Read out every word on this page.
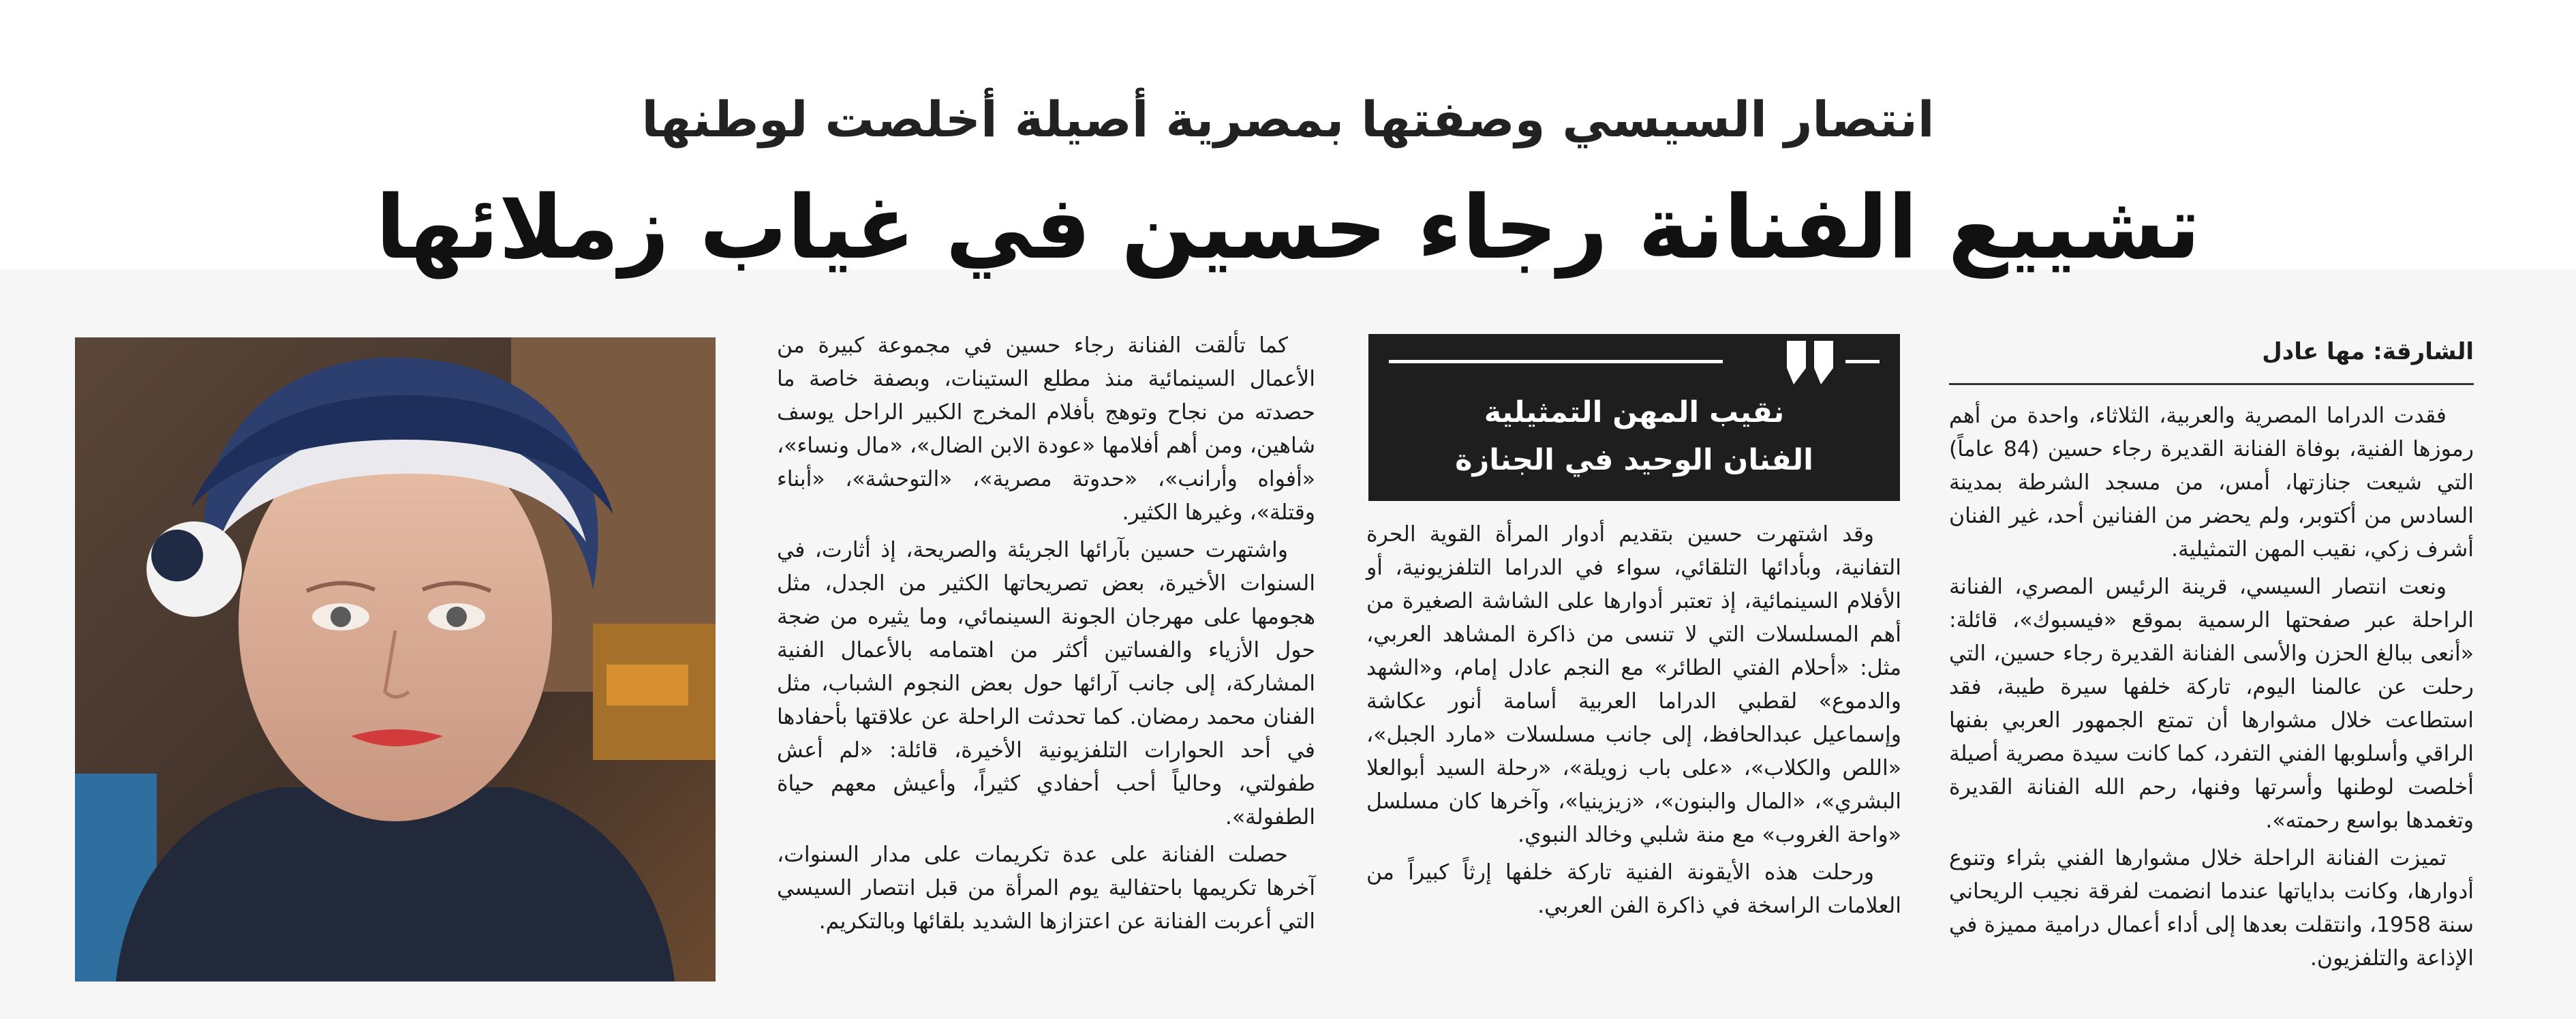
انتصار السيسي وصفتها بمصرية أصيلة أخلصت لوطنها
تشييع الفنانة رجاء حسين في غياب زملائها
الشارقة: مها عادل

فقدت الدراما المصرية والعربية، الثلاثاء، واحدة من أهم رموزها الفنية، بوفاة الفنانة القديرة رجاء حسين (84 عاماً) التي شيعت جنازتها، أمس، من مسجد الشرطة بمدينة السادس من أكتوبر، ولم يحضر من الفنانين أحد، غير الفنان أشرف زكي، نقيب المهن التمثيلية.

ونعت انتصار السيسي، قرينة الرئيس المصري، الفنانة الراحلة عبر صفحتها الرسمية بموقع «فيسبوك»، قائلة: «أنعى ببالغ الحزن والأسى الفنانة القديرة رجاء حسين، التي رحلت عن عالمنا اليوم، تاركة خلفها سيرة طيبة، فقد استطاعت خلال مشوارها أن تمتع الجمهور العربي بفنها الراقي وأسلوبها الفني التفرد، كما كانت سيدة مصرية أصيلة أخلصت لوطنها وأسرتها وفنها، رحم الله الفنانة القديرة وتغمدها بواسع رحمته».

تميزت الفنانة الراحلة خلال مشوارها الفني بثراء وتنوع أدوارها، وكانت بداياتها عندما انضمت لفرقة نجيب الريحاني سنة 1958، وانتقلت بعدها إلى أداء أعمال درامية مميزة في الإذاعة والتلفزيون.

نقيب المهن التمثيلية
الفنان الوحيد في الجنازة

وقد اشتهرت حسين بتقديم أدوار المرأة القوية الحرة التفانية، وبأدائها التلقائي، سواء في الدراما التلفزيونية، أو الأفلام السينمائية، إذ تعتبر أدوارها على الشاشة الصغيرة من أهم المسلسلات التي لا تنسى من ذاكرة المشاهد العربي، مثل: «أحلام الفتي الطائر» مع النجم عادل إمام، و«الشهد والدموع» لقطبي الدراما العربية أسامة أنور عكاشة وإسماعيل عبدالحافظ، إلى جانب مسلسلات «مارد الجبل»، «اللص والكلاب»، «على باب زويلة»، «رحلة السيد أبوالعلا البشري»، «المال والبنون»، «زيزينيا»، وآخرها كان مسلسل «واحة الغروب» مع منة شلبي وخالد النبوي.

ورحلت هذه الأيقونة الفنية تاركة خلفها إرثاً كبيراً من العلامات الراسخة في ذاكرة الفن العربي.

كما تألقت الفنانة رجاء حسين في مجموعة كبيرة من الأعمال السينمائية منذ مطلع الستينات، وبصفة خاصة ما حصدته من نجاح وتوهج بأفلام المخرج الكبير الراحل يوسف شاهين، ومن أهم أفلامها «عودة الابن الضال»، «مال ونساء»، «أفواه وأرانب»، «حدوتة مصرية»، «التوحشة»، «أبناء وقتلة»، وغيرها الكثير.

واشتهرت حسين بآرائها الجريئة والصريحة، إذ أثارت، في السنوات الأخيرة، بعض تصريحاتها الكثير من الجدل، مثل هجومها على مهرجان الجونة السينمائي، وما يثيره من ضجة حول الأزياء والفساتين أكثر من اهتمامه بالأعمال الفنية المشاركة، إلى جانب آرائها حول بعض النجوم الشباب، مثل الفنان محمد رمضان. كما تحدثت الراحلة عن علاقتها بأحفادها في أحد الحوارات التلفزيونية الأخيرة، قائلة: «لم أعش طفولتي، وحالياً أحب أحفادي كثيراً، وأعيش معهم حياة الطفولة».

حصلت الفنانة على عدة تكريمات على مدار السنوات، آخرها تكريمها باحتفالية يوم المرأة من قبل انتصار السيسي التي أعربت الفنانة عن اعتزازها الشديد بلقائها وبالتكريم.
